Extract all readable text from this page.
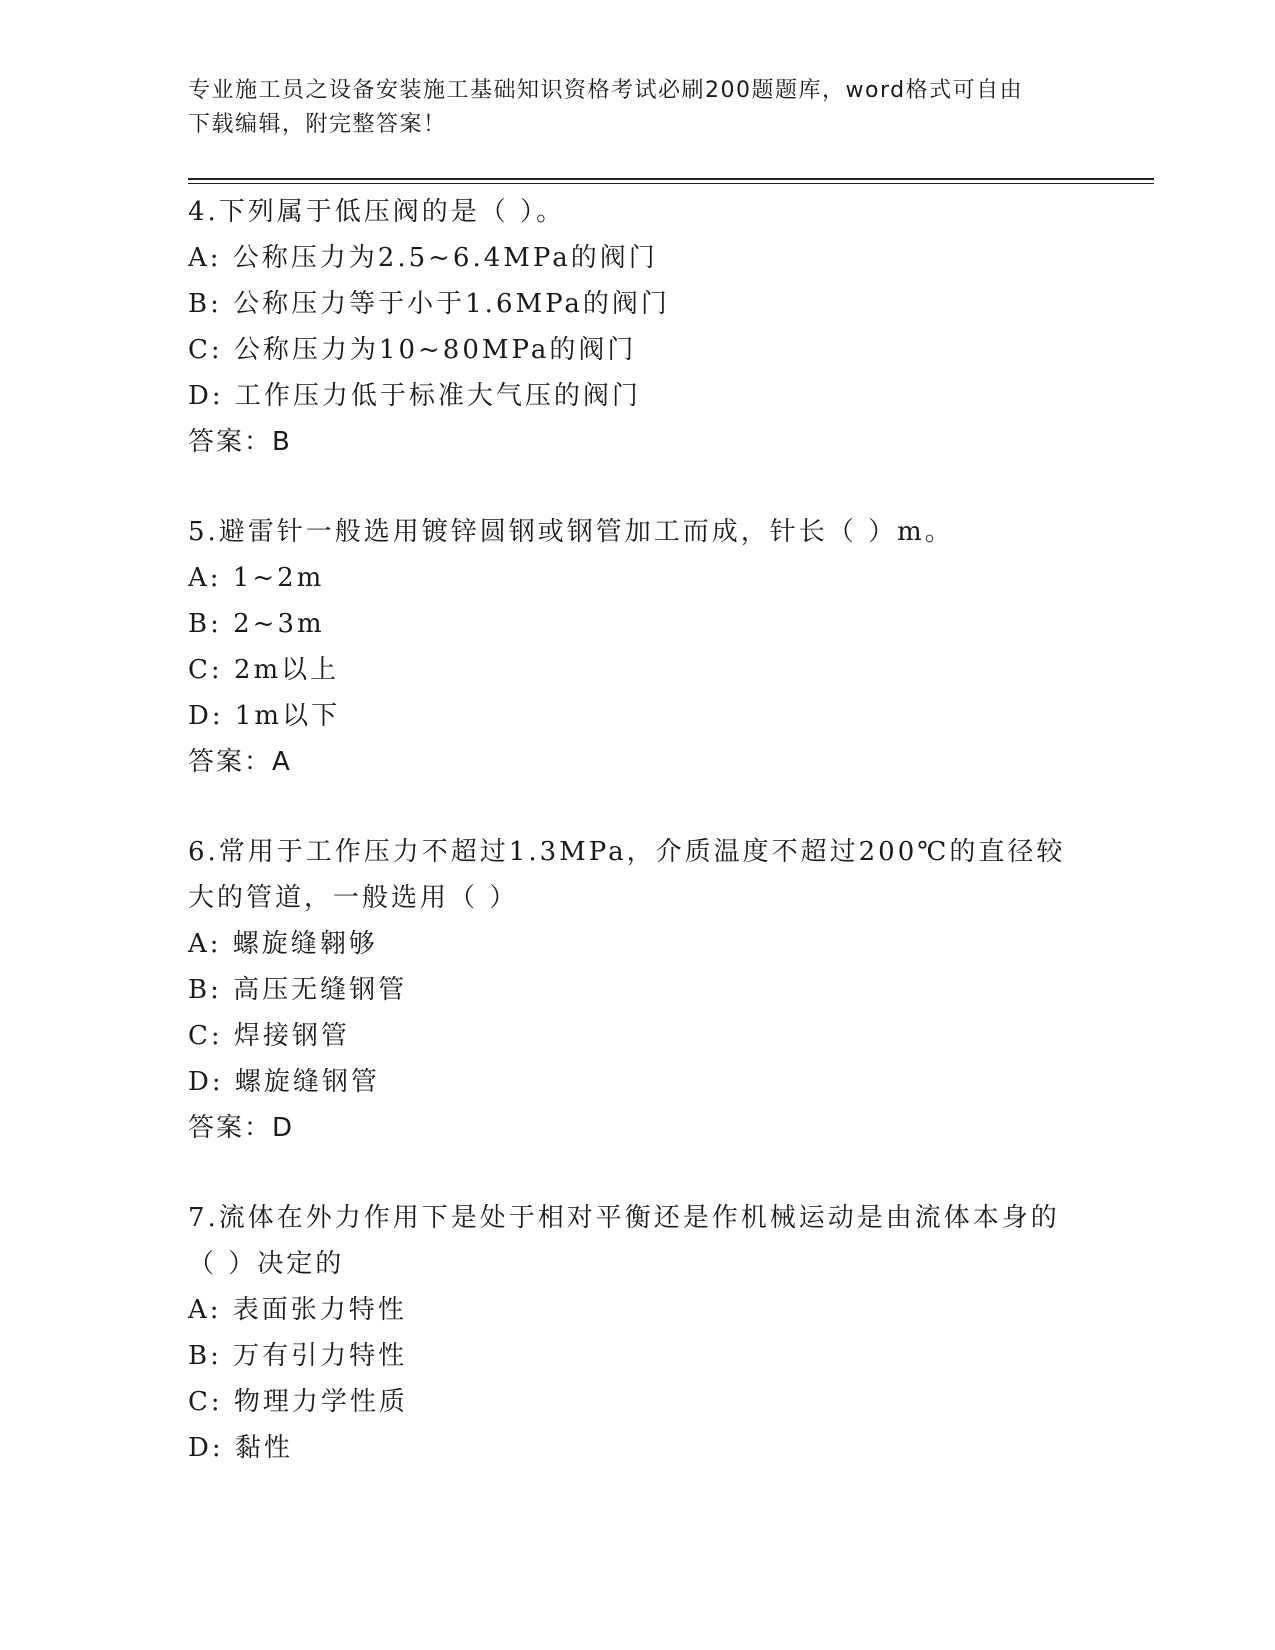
专业施工员之设备安装施工基础知识资格考试必刷200题题库，word格式可自由
下载编辑，附完整答案！
4.下列属于低压阀的是（ ）。
A: 公称压力为2.5~6.4MPa的阀门
B: 公称压力等于小于1.6MPa的阀门
C: 公称压力为10~80MPa的阀门
D: 工作压力低于标准大气压的阀门
答案：B
5.避雷针一般选用镀锌圆钢或钢管加工而成，针长（ ）m。
A: 1~2m
B: 2~3m
C: 2m以上
D: 1m以下
答案：A
6.常用于工作压力不超过1.3MPa，介质温度不超过200℃的直径较大的管道，一般选用（ ）
A: 螺旋缝翱够
B: 高压无缝钢管
C: 焊接钢管
D: 螺旋缝钢管
答案：D
7.流体在外力作用下是处于相对平衡还是作机械运动是由流体本身的（ ）决定的
A: 表面张力特性
B: 万有引力特性
C: 物理力学性质
D: 黏性
